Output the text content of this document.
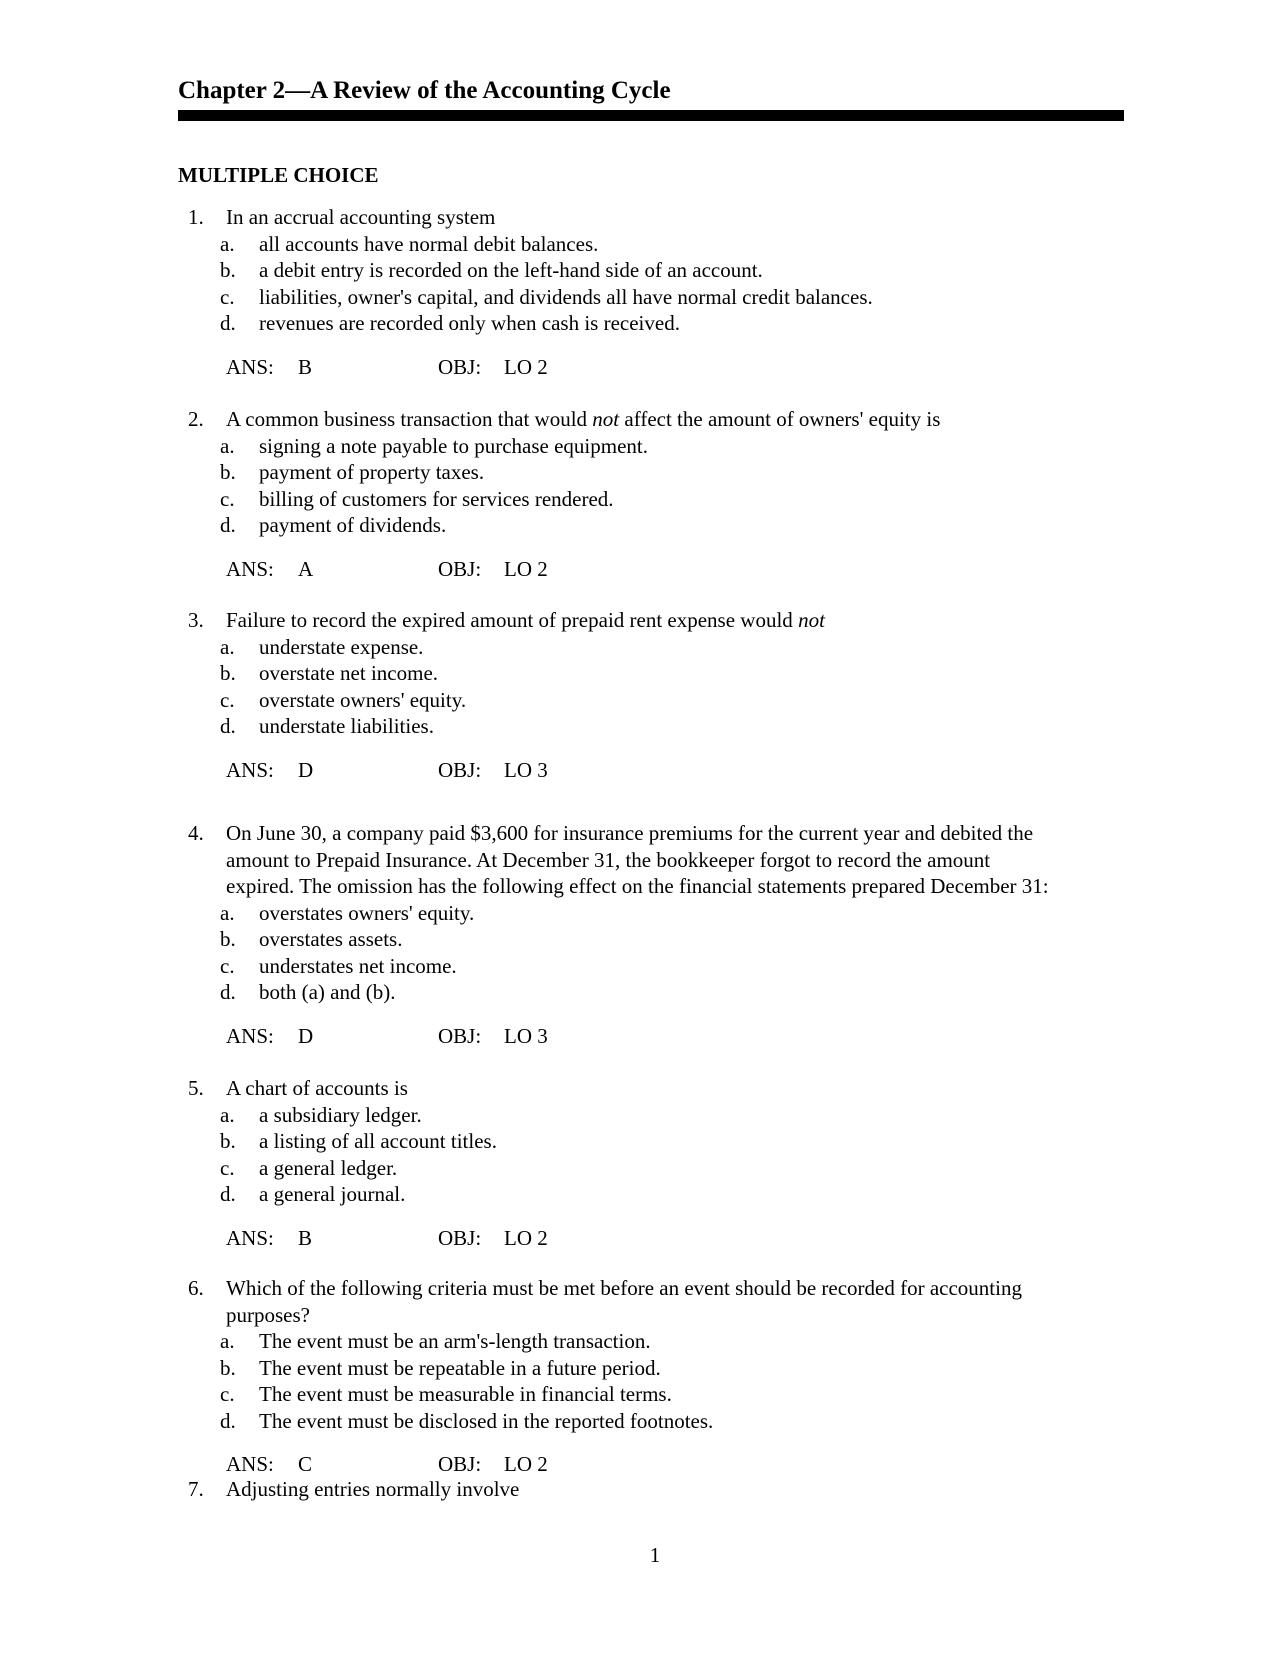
Chapter 2—A Review of the Accounting Cycle
MULTIPLE CHOICE
1. In an accrual accounting system
a. all accounts have normal debit balances.
b. a debit entry is recorded on the left-hand side of an account.
c. liabilities, owner's capital, and dividends all have normal credit balances.
d. revenues are recorded only when cash is received.
ANS: B	OBJ: LO 2
2. A common business transaction that would not affect the amount of owners' equity is
a. signing a note payable to purchase equipment.
b. payment of property taxes.
c. billing of customers for services rendered.
d. payment of dividends.
ANS: A	OBJ: LO 2
3. Failure to record the expired amount of prepaid rent expense would not
a. understate expense.
b. overstate net income.
c. overstate owners' equity.
d. understate liabilities.
ANS: D	OBJ: LO 3
4. On June 30, a company paid $3,600 for insurance premiums for the current year and debited the
amount to Prepaid Insurance. At December 31, the bookkeeper forgot to record the amount
expired. The omission has the following effect on the financial statements prepared December 31:
a. overstates owners' equity.
b. overstates assets.
c. understates net income.
d. both (a) and (b).
ANS: D	OBJ: LO 3
5. A chart of accounts is
a. a subsidiary ledger.
b. a listing of all account titles.
c. a general ledger.
d. a general journal.
ANS: B	OBJ: LO 2
6. Which of the following criteria must be met before an event should be recorded for accounting
purposes?
a. The event must be an arm's-length transaction.
b. The event must be repeatable in a future period.
c. The event must be measurable in financial terms.
d. The event must be disclosed in the reported footnotes.
ANS: C	OBJ: LO 2
7. Adjusting entries normally involve
1
